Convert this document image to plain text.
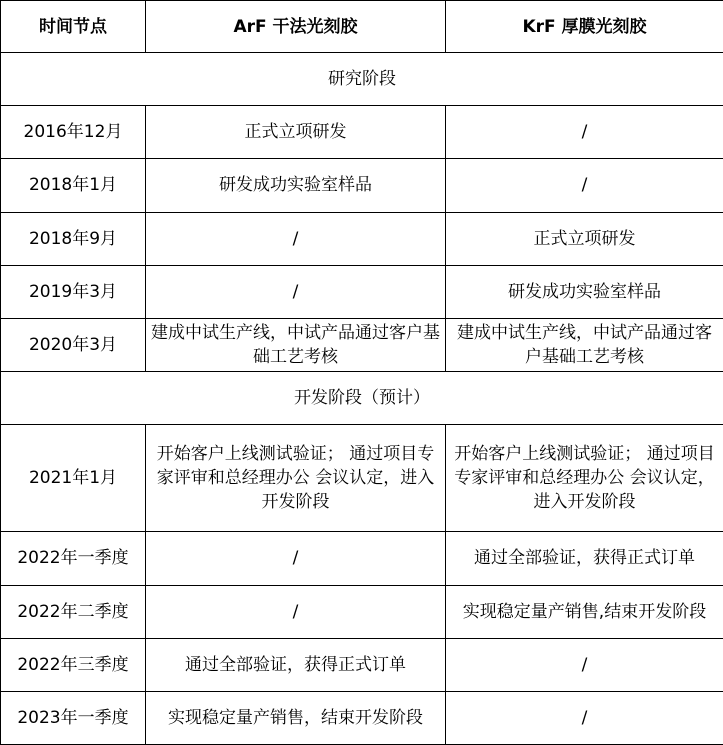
时间节点	ArF 干法光刻胶	KrF 厚膜光刻胶
研究阶段		
2016年12月	正式立项研发	/
2018年1月	研发成功实验室样品	/
2018年9月	/	正式立项研发
2019年3月	/	研发成功实验室样品
2020年3月	建成中试生产线，中试产品通过客户基础工艺考核	建成中试生产线，中试产品通过客 户基础工艺考核
开发阶段（预计）		
2021年1月	开始客户上线测试验证； 通过项目专家评审和总经理办公 会议认定，进入开发阶段	开始客户上线测试验证； 通过项目专家评审和总经理办公 会议认定，进入开发阶段
2022年一季度	/	通过全部验证，获得正式订单
2022年二季度	/	实现稳定量产销售,结束开发阶段
2022年三季度	通过全部验证，获得正式订单	/
2023年一季度	实现稳定量产销售，结束开发阶段	/
